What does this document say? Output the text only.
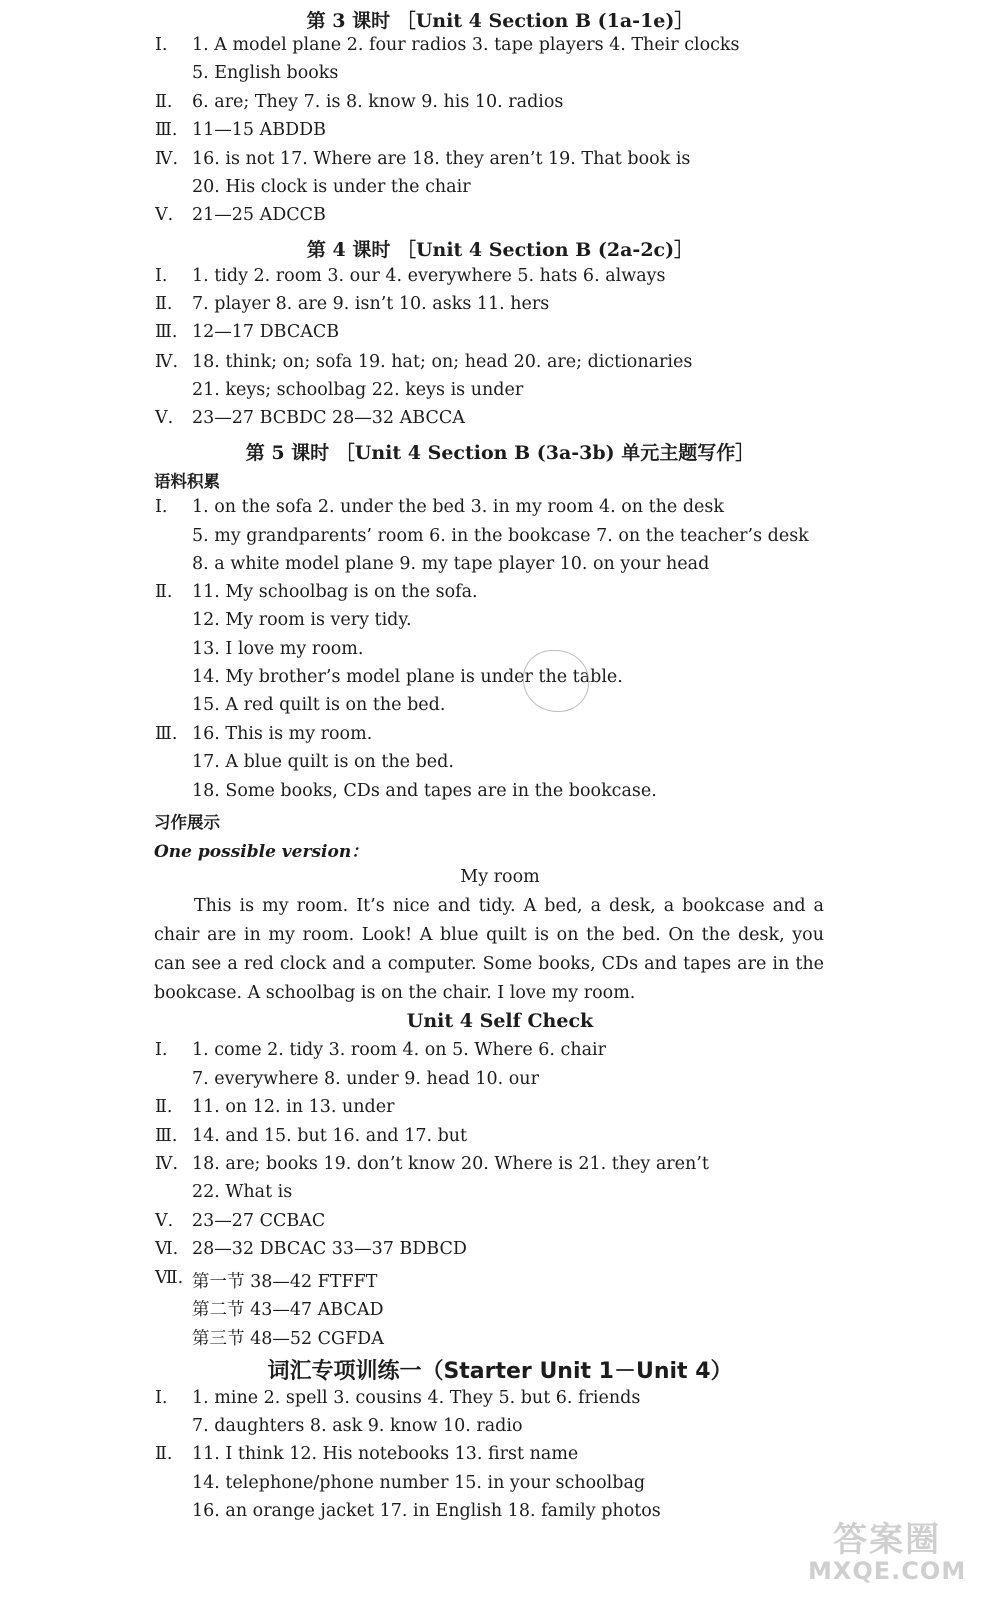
第 3 课时 ［Unit 4 Section B (1a-1e)］
Ⅰ.	1. A model plane 2. four radios 3. tape players 4. Their clocks
5. English books
Ⅱ.	6. are; They 7. is 8. know 9. his 10. radios
Ⅲ. 11—15 ABDDB
Ⅳ. 16. is not 17. Where are 18. they aren’t 19. That book is
20. His clock is under the chair
Ⅴ.	21—25 ADCCB
第 4 课时 ［Unit 4 Section B (2a-2c)］
Ⅰ.	1. tidy 2. room 3. our 4. everywhere 5. hats 6. always
Ⅱ.	7. player 8. are 9. isn’t 10. asks 11. hers
Ⅲ. 12—17 DBCACB
Ⅳ. 18. think; on; sofa 19. hat; on; head 20. are; dictionaries
21. keys; schoolbag 22. keys is under
Ⅴ.	23—27 BCBDC 28—32 ABCCA
第 5 课时 ［Unit 4 Section B (3a-3b) 单元主题写作］
语料积累
Ⅰ.	1. on the sofa 2. under the bed 3. in my room 4. on the desk
5. my grandparents’ room 6. in the bookcase 7. on the teacher’s desk
8. a white model plane 9. my tape player 10. on your head
Ⅱ.	11. My schoolbag is on the sofa.
12. My room is very tidy.
13. I love my room.
14. My brother’s model plane is under the table.
15. A red quilt is on the bed.
Ⅲ. 16. This is my room.
17. A blue quilt is on the bed.
18. Some books, CDs and tapes are in the bookcase.
习作展示
One possible version：
My room
This is my room. It’s nice and tidy. A bed, a desk, a bookcase and a chair are in my room. Look! A blue quilt is on the bed. On the desk, you can see a red clock and a computer. Some books, CDs and tapes are in the bookcase. A schoolbag is on the chair. I love my room.
Unit 4 Self Check
Ⅰ.	1. come 2. tidy 3. room 4. on 5. Where 6. chair
7. everywhere 8. under 9. head 10. our
Ⅱ.	11. on 12. in 13. under
Ⅲ. 14. and 15. but 16. and 17. but
Ⅳ. 18. are; books 19. don’t know 20. Where is 21. they aren’t
22. What is
Ⅴ.	23—27 CCBAC
Ⅵ. 28—32 DBCAC 33—37 BDBCD
Ⅶ. 第一节 38—42 FTFFT
第二节 43—47 ABCAD
第三节 48—52 CGFDA
词汇专项训练一（Starter Unit 1－Unit 4）
Ⅰ.	1. mine 2. spell 3. cousins 4. They 5. but 6. friends
7. daughters 8. ask 9. know 10. radio
Ⅱ.	11. I think 12. His notebooks 13. first name
14. telephone/phone number 15. in your schoolbag
16. an orange jacket 17. in English 18. family photos
答案圈
MXQE.COM
